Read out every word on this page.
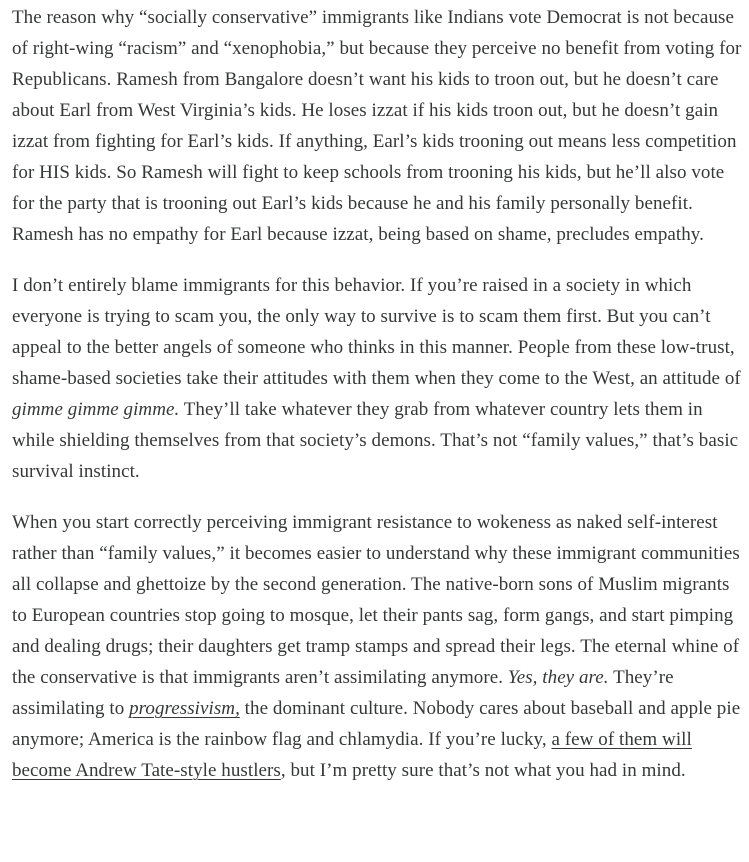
The reason why “socially conservative” immigrants like Indians vote Democrat is not because of right-wing “racism” and “xenophobia,” but because they perceive no benefit from voting for Republicans. Ramesh from Bangalore doesn’t want his kids to troon out, but he doesn’t care about Earl from West Virginia’s kids. He loses izzat if his kids troon out, but he doesn’t gain izzat from fighting for Earl’s kids. If anything, Earl’s kids trooning out means less competition for HIS kids. So Ramesh will fight to keep schools from trooning his kids, but he’ll also vote for the party that is trooning out Earl’s kids because he and his family personally benefit. Ramesh has no empathy for Earl because izzat, being based on shame, precludes empathy.

I don’t entirely blame immigrants for this behavior. If you’re raised in a society in which everyone is trying to scam you, the only way to survive is to scam them first. But you can’t appeal to the better angels of someone who thinks in this manner. People from these low-trust, shame-based societies take their attitudes with them when they come to the West, an attitude of gimme gimme gimme. They’ll take whatever they grab from whatever country lets them in while shielding themselves from that society’s demons. That’s not “family values,” that’s basic survival instinct.

When you start correctly perceiving immigrant resistance to wokeness as naked self-interest rather than “family values,” it becomes easier to understand why these immigrant communities all collapse and ghettoize by the second generation. The native-born sons of Muslim migrants to European countries stop going to mosque, let their pants sag, form gangs, and start pimping and dealing drugs; their daughters get tramp stamps and spread their legs. The eternal whine of the conservative is that immigrants aren’t assimilating anymore. Yes, they are. They’re assimilating to progressivism, the dominant culture. Nobody cares about baseball and apple pie anymore; America is the rainbow flag and chlamydia. If you’re lucky, a few of them will become Andrew Tate-style hustlers, but I’m pretty sure that’s not what you had in mind.
